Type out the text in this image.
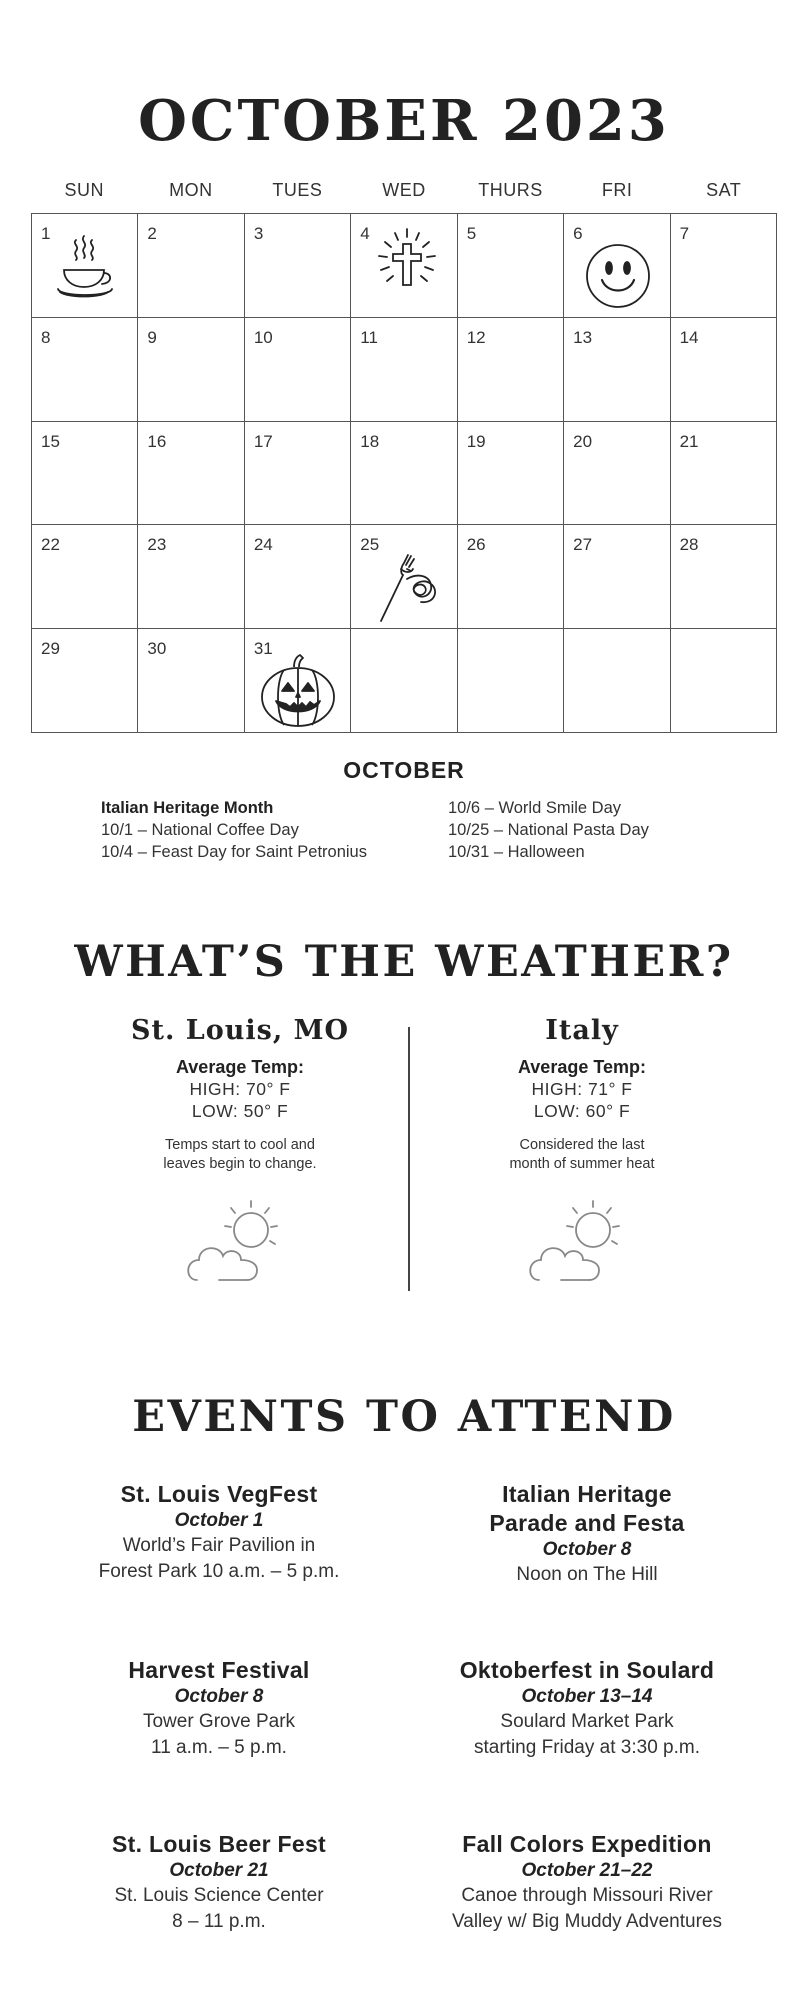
OCTOBER 2023
SUN	MON	TUES	WED	THURS	FRI	SAT
1	2	3	4	5	6	7
8	9	10	11	12	13	14
15	16	17	18	19	20	21
22	23	24	25	26	27	28
29	30	31
OCTOBER
Italian Heritage Month
10/1 – National Coffee Day
10/4 – Feast Day for Saint Petronius
10/6 – World Smile Day
10/25 – National Pasta Day
10/31 – Halloween
WHAT’S THE WEATHER?
St. Louis, MO
Average Temp:
HIGH: 70° F
LOW: 50° F
Temps start to cool and
leaves begin to change.
Italy
Average Temp:
HIGH: 71° F
LOW: 60° F
Considered the last
month of summer heat
EVENTS TO ATTEND
St. Louis VegFest
October 1
World’s Fair Pavilion in
Forest Park 10 a.m. – 5 p.m.
Italian Heritage
Parade and Festa
October 8
Noon on The Hill
Harvest Festival
October 8
Tower Grove Park
11 a.m. – 5 p.m.
Oktoberfest in Soulard
October 13–14
Soulard Market Park
starting Friday at 3:30 p.m.
St. Louis Beer Fest
October 21
St. Louis Science Center
8 – 11 p.m.
Fall Colors Expedition
October 21–22
Canoe through Missouri River
Valley w/ Big Muddy Adventures
